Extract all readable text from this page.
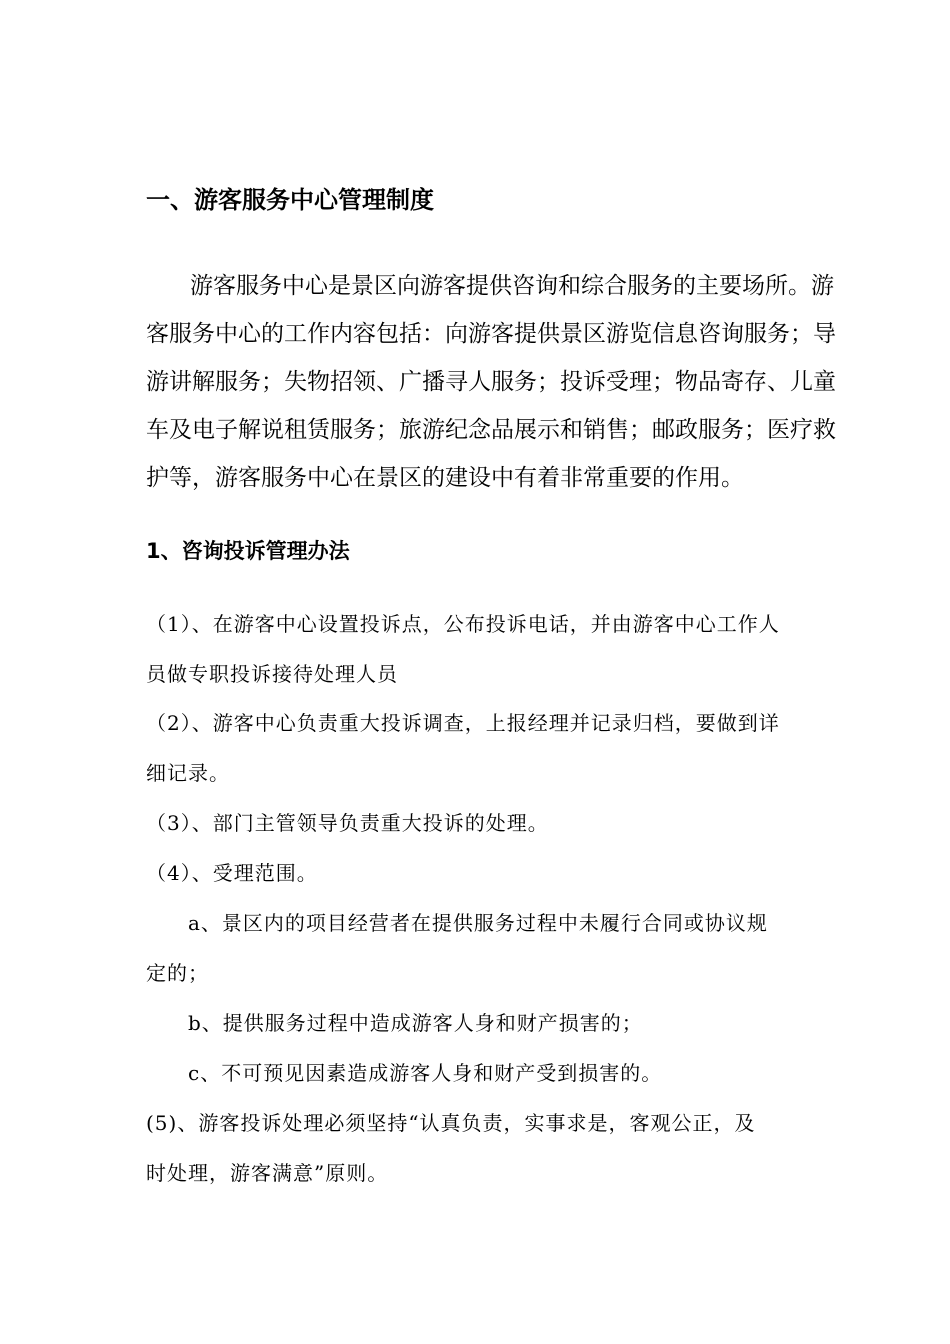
一、游客服务中心管理制度
游客服务中心是景区向游客提供咨询和综合服务的主要场所。游
客服务中心的工作内容包括：向游客提供景区游览信息咨询服务；导
游讲解服务；失物招领、广播寻人服务；投诉受理；物品寄存、儿童
车及电子解说租赁服务；旅游纪念品展示和销售；邮政服务；医疗救
护等，游客服务中心在景区的建设中有着非常重要的作用。
1、咨询投诉管理办法

（1）、在游客中心设置投诉点，公布投诉电话，并由游客中心工作人

员做专职投诉接待处理人员

（2）、游客中心负责重大投诉调查，上报经理并记录归档，要做到详

细记录。

（3）、部门主管领导负责重大投诉的处理。

（4）、受理范围。

a、景区内的项目经营者在提供服务过程中未履行合同或协议规

定的；

b、提供服务过程中造成游客人身和财产损害的；

c、不可预见因素造成游客人身和财产受到损害的。

(5)、游客投诉处理必须坚持“认真负责，实事求是，客观公正，及

时处理，游客满意”原则。
